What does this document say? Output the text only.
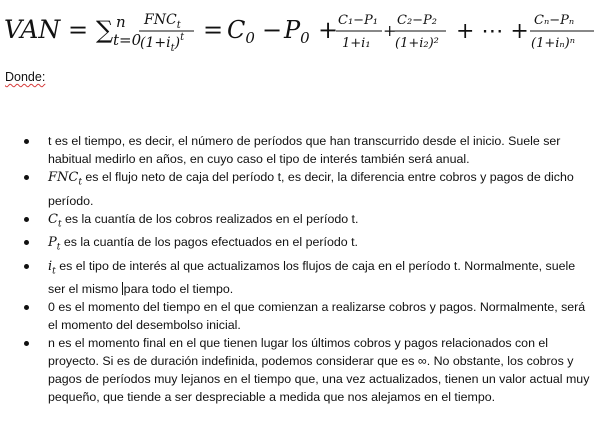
VAN = ∑ n
t=0
$FNC_t$
$(1+i_t)^t = C_0 - P_0 + C_1-P_1$
1+i₁
+
C₂−P₂
(1+i₂)² + ⋯ + Cₙ−Pₙ
(1+iₙ)ⁿ
Donde:
t es el tiempo, es decir, el número de períodos que han transcurrido desde el inicio. Suele ser habitual medirlo en años, en cuyo caso el tipo de interés también será anual.
$FNC_t$ es el flujo neto de caja del período t, es decir, la diferencia entre cobros y pagos de dicho período.
$C_t$ es la cuantía de los cobros realizados en el período t.
$P_t$ es la cuantía de los pagos efectuados en el período t.
$i_t$ es el tipo de interés al que actualizamos los flujos de caja en el período t. Normalmente, suele ser el mismo para todo el tiempo.
0 es el momento del tiempo en el que comienzan a realizarse cobros y pagos. Normalmente, será el momento del desembolso inicial.
n es el momento final en el que tienen lugar los últimos cobros y pagos relacionados con el proyecto. Si es de duración indefinida, podemos considerar que es ∞. No obstante, los cobros y pagos de períodos muy lejanos en el tiempo que, una vez actualizados, tienen un valor actual muy pequeño, que tiende a ser despreciable a medida que nos alejamos en el tiempo.
